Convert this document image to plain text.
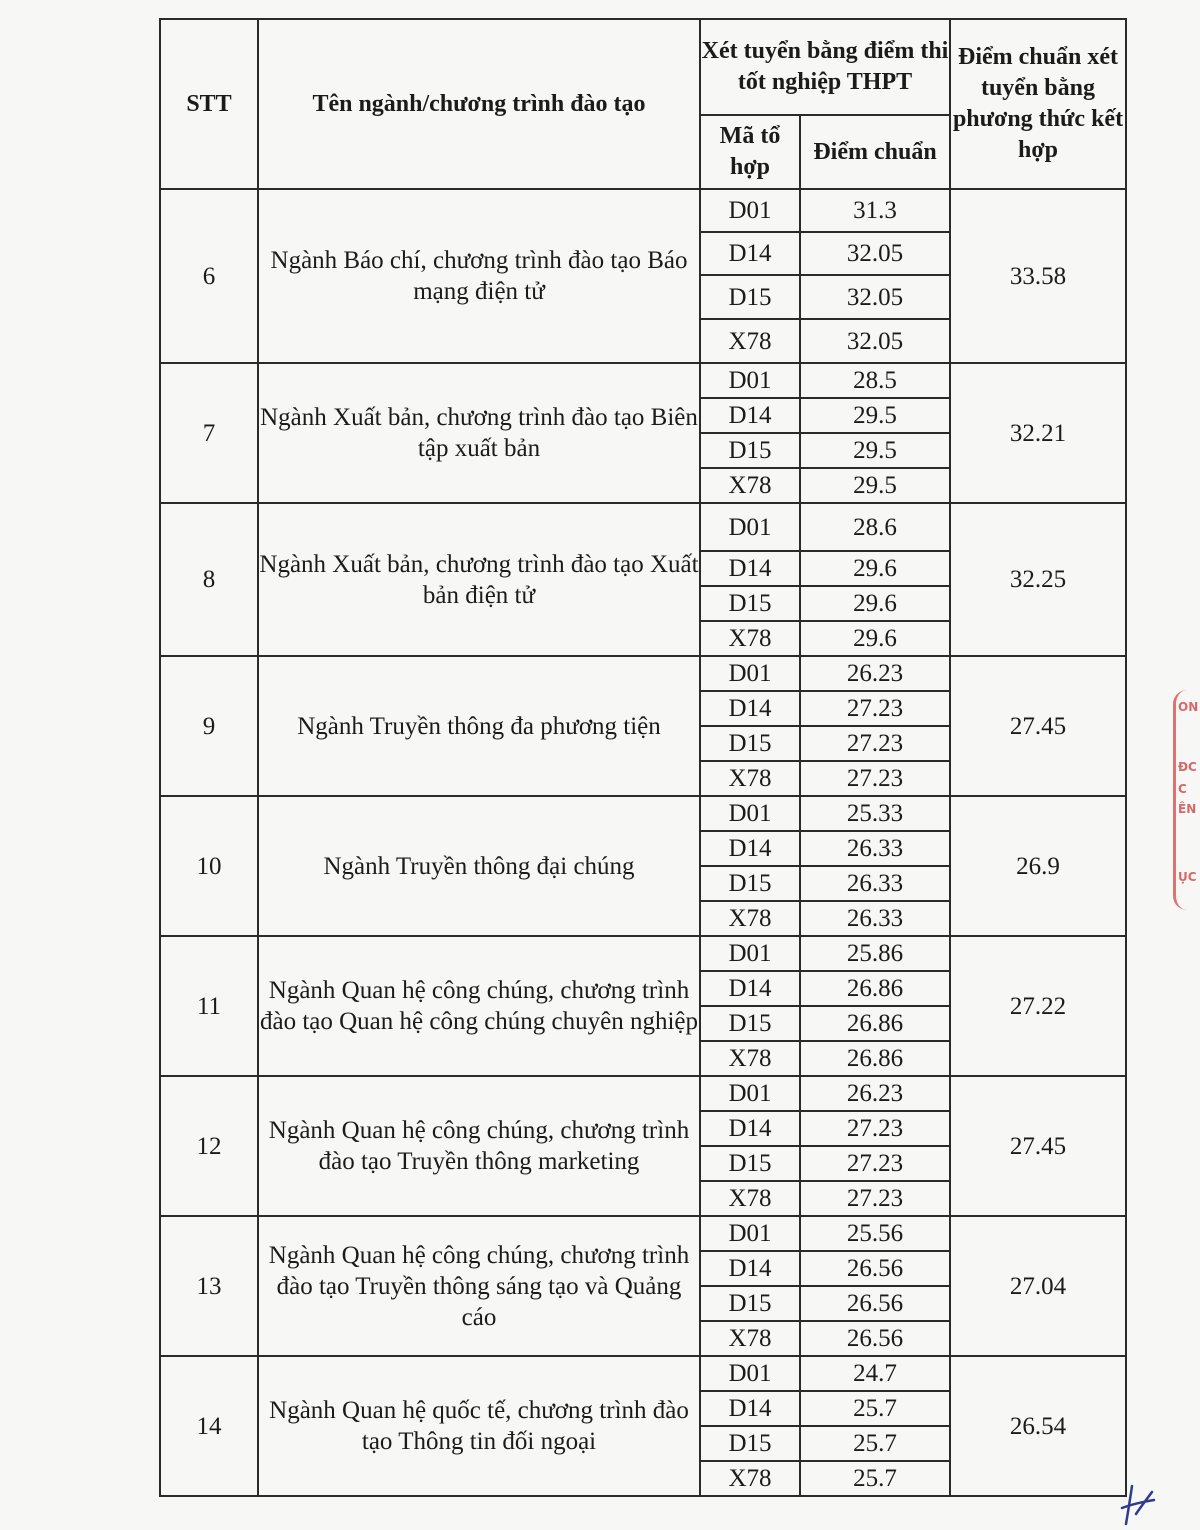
STT	Tên ngành/chương trình đào tạo	Xét tuyển bằng điểm thi tốt nghiệp THPT		Điểm chuẩn xét tuyển bằng phương thức kết hợp
		Mã tổ hợp	Điểm chuẩn	
6	Ngành Báo chí, chương trình đào tạo Báo mạng điện tử	D01	31.3	33.58
		D14	32.05	
		D15	32.05	
		X78	32.05	
7	Ngành Xuất bản, chương trình đào tạo Biên tập xuất bản	D01	28.5	32.21
		D14	29.5	
		D15	29.5	
		X78	29.5	
8	Ngành Xuất bản, chương trình đào tạo Xuất bản điện tử	D01	28.6	32.25
		D14	29.6	
		D15	29.6	
		X78	29.6	
9	Ngành Truyền thông đa phương tiện	D01	26.23	27.45
		D14	27.23	
		D15	27.23	
		X78	27.23	
10	Ngành Truyền thông đại chúng	D01	25.33	26.9
		D14	26.33	
		D15	26.33	
		X78	26.33	
11	Ngành Quan hệ công chúng, chương trình đào tạo Quan hệ công chúng chuyên nghiệp	D01	25.86	27.22
		D14	26.86	
		D15	26.86	
		X78	26.86	
12	Ngành Quan hệ công chúng, chương trình đào tạo Truyền thông marketing	D01	26.23	27.45
		D14	27.23	
		D15	27.23	
		X78	27.23	
13	Ngành Quan hệ công chúng, chương trình đào tạo Truyền thông sáng tạo và Quảng cáo	D01	25.56	27.04
		D14	26.56	
		D15	26.56	
		X78	26.56	
14	Ngành Quan hệ quốc tế, chương trình đào tạo Thông tin đối ngoại	D01	24.7	26.54
		D14	25.7	
		D15	25.7	
		X78	25.7	
ON
ĐC
C
ÊN
ỤC
